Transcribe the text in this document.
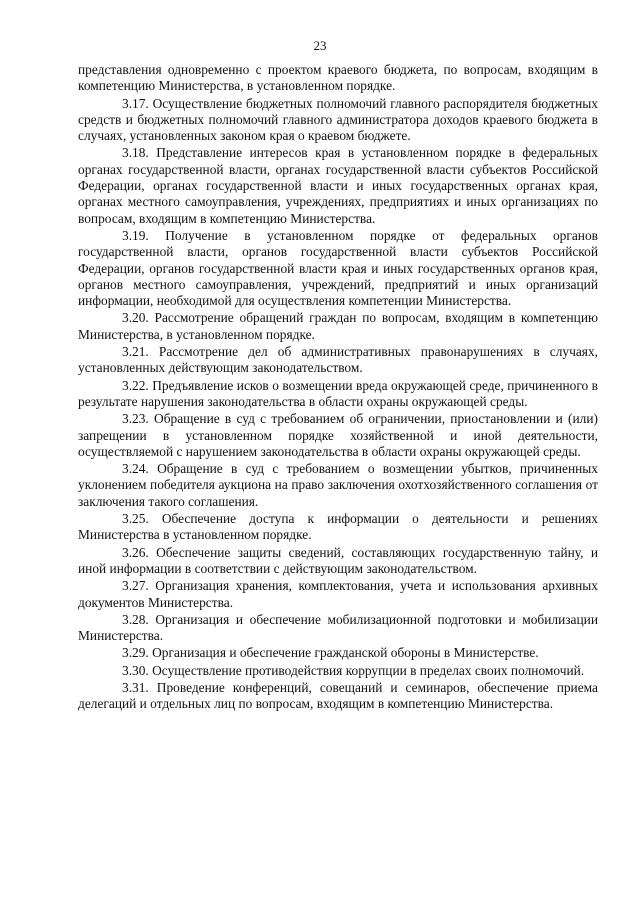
23

представления одновременно с проектом краевого бюджета, по вопросам, входящим в компетенцию Министерства, в установленном порядке.

3.17. Осуществление бюджетных полномочий главного распорядителя бюджетных средств и бюджетных полномочий главного администратора доходов краевого бюджета в случаях, установленных законом края о краевом бюджете.

3.18. Представление интересов края в установленном порядке в федеральных органах государственной власти, органах государственной власти субъектов Российской Федерации, органах государственной власти и иных государственных органах края, органах местного самоуправления, учреждениях, предприятиях и иных организациях по вопросам, входящим в компетенцию Министерства.

3.19. Получение в установленном порядке от федеральных органов государственной власти, органов государственной власти субъектов Российской Федерации, органов государственной власти края и иных государственных органов края, органов местного самоуправления, учреждений, предприятий и иных организаций информации, необходимой для осуществления компетенции Министерства.

3.20. Рассмотрение обращений граждан по вопросам, входящим в компетенцию Министерства, в установленном порядке.

3.21. Рассмотрение дел об административных правонарушениях в случаях, установленных действующим законодательством.

3.22. Предъявление исков о возмещении вреда окружающей среде, причиненного в результате нарушения законодательства в области охраны окружающей среды.

3.23. Обращение в суд с требованием об ограничении, приостановлении и (или) запрещении в установленном порядке хозяйственной и иной деятельности, осуществляемой с нарушением законодательства в области охраны окружающей среды.

3.24. Обращение в суд с требованием о возмещении убытков, причиненных уклонением победителя аукциона на право заключения охотхозяйственного соглашения от заключения такого соглашения.

3.25. Обеспечение доступа к информации о деятельности и решениях Министерства в установленном порядке.

3.26. Обеспечение защиты сведений, составляющих государственную тайну, и иной информации в соответствии с действующим законодательством.

3.27. Организация хранения, комплектования, учета и использования архивных документов Министерства.

3.28. Организация и обеспечение мобилизационной подготовки и мобилизации Министерства.

3.29. Организация и обеспечение гражданской обороны в Министерстве.

3.30. Осуществление противодействия коррупции в пределах своих полномочий.

3.31. Проведение конференций, совещаний и семинаров, обеспечение приема делегаций и отдельных лиц по вопросам, входящим в компетенцию Министерства.
